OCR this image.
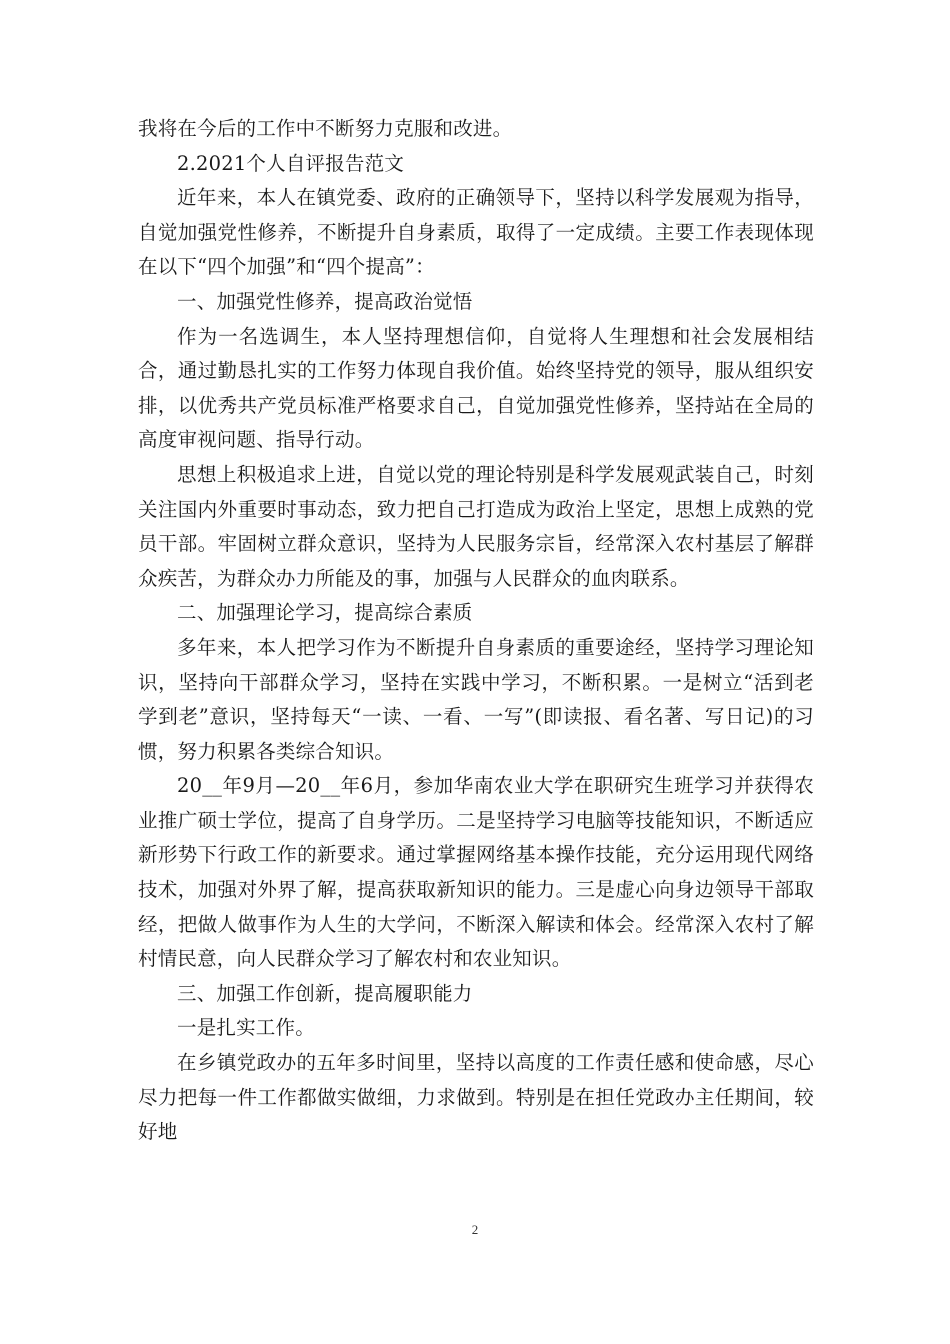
我将在今后的工作中不断努力克服和改进。

2.2021个人自评报告范文

近年来，本人在镇党委、政府的正确领导下，坚持以科学发展观为指导，自觉加强党性修养，不断提升自身素质，取得了一定成绩。主要工作表现体现在以下“四个加强”和“四个提高”：

一、加强党性修养，提高政治觉悟

作为一名选调生，本人坚持理想信仰，自觉将人生理想和社会发展相结合，通过勤恳扎实的工作努力体现自我价值。始终坚持党的领导，服从组织安排，以优秀共产党员标准严格要求自己，自觉加强党性修养，坚持站在全局的高度审视问题、指导行动。

思想上积极追求上进，自觉以党的理论特别是科学发展观武装自己，时刻关注国内外重要时事动态，致力把自己打造成为政治上坚定，思想上成熟的党员干部。牢固树立群众意识，坚持为人民服务宗旨，经常深入农村基层了解群众疾苦，为群众办力所能及的事，加强与人民群众的血肉联系。

二、加强理论学习，提高综合素质

多年来，本人把学习作为不断提升自身素质的重要途经，坚持学习理论知识，坚持向干部群众学习，坚持在实践中学习，不断积累。一是树立“活到老学到老”意识，坚持每天“一读、一看、一写”(即读报、看名著、写日记)的习惯，努力积累各类综合知识。

20__年9月—20__年6月，参加华南农业大学在职研究生班学习并获得农业推广硕士学位，提高了自身学历。二是坚持学习电脑等技能知识，不断适应新形势下行政工作的新要求。通过掌握网络基本操作技能，充分运用现代网络技术，加强对外界了解，提高获取新知识的能力。三是虚心向身边领导干部取经，把做人做事作为人生的大学问，不断深入解读和体会。经常深入农村了解村情民意，向人民群众学习了解农村和农业知识。

三、加强工作创新，提高履职能力

一是扎实工作。

在乡镇党政办的五年多时间里，坚持以高度的工作责任感和使命感，尽心尽力把每一件工作都做实做细，力求做到。特别是在担任党政办主任期间，较好地

2
